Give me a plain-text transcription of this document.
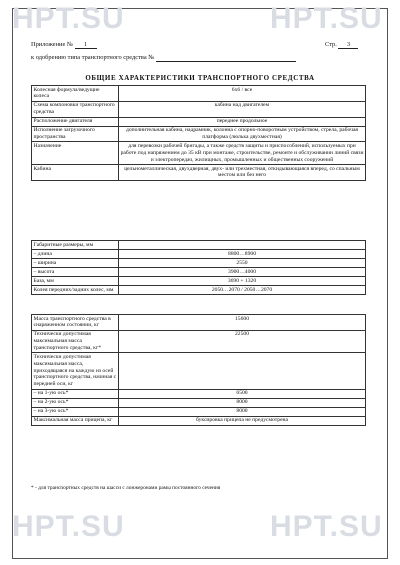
HPT.SU	HPT.SU
HPT.SU	HPT.SU
Приложение № 1	Стр. 3
к одобрению типа транспортного средства №
ОБЩИЕ ХАРАКТЕРИСТИКИ ТРАНСПОРТНОГО СРЕДСТВА
Колесная формула/ведущие колеса	6x6 / все
Схема компоновки транспортного средства	кабина над двигателем
Расположение двигателя	переднее продольное
Исполнение загрузочного пространства	дополнительная кабина, надрамник, колонна с опорно-поворотным устройством, стрела, рабочая платформа (люлька двухместная)
Назначение	для перевозки рабочей бригады, а также средств защиты и приспособлений, используемых при работе под напряжением до 35 кВ при монтаже, строительстве, ремонте и обслуживании линий связи и электропередач, жилищных, промышленных и общественных сооружений
Кабина	цельнометаллическая, двухдверная, двух- или трехместная, откидывающаяся вперед, со спальным местом или без него
Габаритные размеры, мм	
– длина	8800…8900
– ширина	2550
– высота	3900…4000
База, мм	3690 + 1320
Колея передних/задних колес, мм	2050…2070 / 2050…2070
Масса транспортного средства в снаряженном состоянии, кг	15600
Технически допустимая максимальная масса транспортного средства, кг*	22500
Технически допустимая максимальная масса, приходящаяся на каждую из осей транспортного средства, начиная с передней оси, кг	
– на 1-ую ось*	6500
– на 2-ую ось*	8000
– на 3-ую ось*	8000
Максимальная масса прицепа, кг	буксировка прицепа не предусмотрена
* - для транспортных средств на шасси с лонжеронами рамы постоянного сечения
